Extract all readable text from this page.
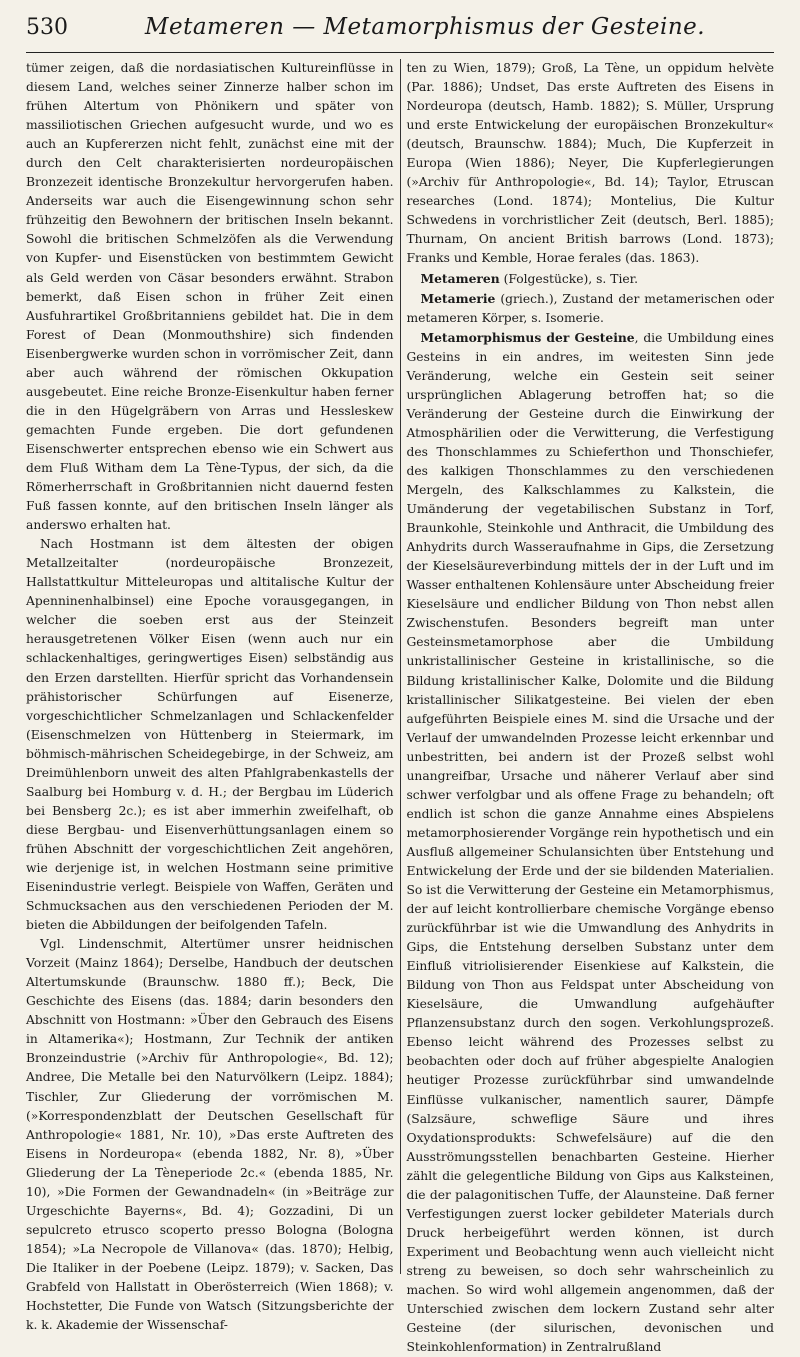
530	Metameren — Metamorphismus der Gesteine.

tümer zeigen, daß die nordasiatischen Kultureinflüsse in diesem Land, welches seiner Zinnerze halber schon im frühen Altertum von Phönikern und später von massiliotischen Griechen aufgesucht wurde, und wo es auch an Kupfererzen nicht fehlt, zunächst eine mit der durch den Celt charakterisierten nordeuropäischen Bronzezeit identische Bronzekultur hervorgerufen haben. Anderseits war auch die Eisengewinnung schon sehr frühzeitig den Bewohnern der britischen Inseln bekannt. Sowohl die britischen Schmelzöfen als die Verwendung von Kupfer- und Eisenstücken von bestimmtem Gewicht als Geld werden von Cäsar besonders erwähnt. Strabon bemerkt, daß Eisen schon in früher Zeit einen Ausfuhrartikel Großbritanniens gebildet hat. Die in dem Forest of Dean (Monmouthshire) sich findenden Eisenbergwerke wurden schon in vorrömischer Zeit, dann aber auch während der römischen Okkupation ausgebeutet. Eine reiche Bronze-Eisenkultur haben ferner die in den Hügelgräbern von Arras und Hessleskew gemachten Funde ergeben. Die dort gefundenen Eisenschwerter entsprechen ebenso wie ein Schwert aus dem Fluß Witham dem La Tène-Typus, der sich, da die Römerherrschaft in Großbritannien nicht dauernd festen Fuß fassen konnte, auf den britischen Inseln länger als anderswo erhalten hat.

Nach Hostmann ist dem ältesten der obigen Metallzeitalter (nordeuropäische Bronzezeit, Hallstattkultur Mitteleuropas und altitalische Kultur der Apenninenhalbinsel) eine Epoche vorausgegangen, in welcher die soeben erst aus der Steinzeit herausgetretenen Völker Eisen (wenn auch nur ein schlackenhaltiges, geringwertiges Eisen) selbständig aus den Erzen darstellten. Hierfür spricht das Vorhandensein prähistorischer Schürfungen auf Eisenerze, vorgeschichtlicher Schmelzanlagen und Schlackenfelder (Eisenschmelzen von Hüttenberg in Steiermark, im böhmisch-mährischen Scheidegebirge, in der Schweiz, am Dreimühlenborn unweit des alten Pfahlgrabenkastells der Saalburg bei Homburg v. d. H.; der Bergbau im Lüderich bei Bensberg 2c.); es ist aber immerhin zweifelhaft, ob diese Bergbau- und Eisenverhüttungsanlagen einem so frühen Abschnitt der vorgeschichtlichen Zeit angehören, wie derjenige ist, in welchen Hostmann seine primitive Eisenindustrie verlegt. Beispiele von Waffen, Geräten und Schmucksachen aus den verschiedenen Perioden der M. bieten die Abbildungen der beifolgenden Tafeln.

Vgl. Lindenschmit, Altertümer unsrer heidnischen Vorzeit (Mainz 1864); Derselbe, Handbuch der deutschen Altertumskunde (Braunschw. 1880 ff.); Beck, Die Geschichte des Eisens (das. 1884; darin besonders den Abschnitt von Hostmann: »Über den Gebrauch des Eisens in Altamerika«); Hostmann, Zur Technik der antiken Bronzeindustrie (»Archiv für Anthropologie«, Bd. 12); Andree, Die Metalle bei den Naturvölkern (Leipz. 1884); Tischler, Zur Gliederung der vorrömischen M. (»Korrespondenzblatt der Deutschen Gesellschaft für Anthropologie« 1881, Nr. 10), »Das erste Auftreten des Eisens in Nordeuropa« (ebenda 1882, Nr. 8), »Über Gliederung der La Tèneperiode 2c.« (ebenda 1885, Nr. 10), »Die Formen der Gewandnadeln« (in »Beiträge zur Urgeschichte Bayerns«, Bd. 4); Gozzadini, Di un sepulcreto etrusco scoperto presso Bologna (Bologna 1854); »La Necropole de Villanova« (das. 1870); Helbig, Die Italiker in der Poebene (Leipz. 1879); v. Sacken, Das Grabfeld von Hallstatt in Oberösterreich (Wien 1868); v. Hochstetter, Die Funde von Watsch (Sitzungsberichte der k. k. Akademie der Wissenschaf-

ten zu Wien, 1879); Groß, La Tène, un oppidum helvète (Par. 1886); Undset, Das erste Auftreten des Eisens in Nordeuropa (deutsch, Hamb. 1882); S. Müller, Ursprung und erste Entwickelung der europäischen Bronzekultur« (deutsch, Braunschw. 1884); Much, Die Kupferzeit in Europa (Wien 1886); Neyer, Die Kupferlegierungen (»Archiv für Anthropologie«, Bd. 14); Taylor, Etruscan researches (Lond. 1874); Montelius, Die Kultur Schwedens in vorchristlicher Zeit (deutsch, Berl. 1885); Thurnam, On ancient British barrows (Lond. 1873); Franks und Kemble, Horae ferales (das. 1863).

Metameren (Folgestücke), s. Tier.

Metamerie (griech.), Zustand der metamerischen oder metameren Körper, s. Isomerie.

Metamorphismus der Gesteine, die Umbildung eines Gesteins in ein andres, im weitesten Sinn jede Veränderung, welche ein Gestein seit seiner ursprünglichen Ablagerung betroffen hat; so die Veränderung der Gesteine durch die Einwirkung der Atmosphärilien oder die Verwitterung, die Verfestigung des Thonschlammes zu Schieferthon und Thonschiefer, des kalkigen Thonschlammes zu den verschiedenen Mergeln, des Kalkschlammes zu Kalkstein, die Umänderung der vegetabilischen Substanz in Torf, Braunkohle, Steinkohle und Anthracit, die Umbildung des Anhydrits durch Wasseraufnahme in Gips, die Zersetzung der Kieselsäureverbindung mittels der in der Luft und im Wasser enthaltenen Kohlensäure unter Abscheidung freier Kieselsäure und endlicher Bildung von Thon nebst allen Zwischenstufen. Besonders begreift man unter Gesteinsmetamorphose aber die Umbildung unkristallinischer Gesteine in kristallinische, so die Bildung kristallinischer Kalke, Dolomite und die Bildung kristallinischer Silikatgesteine. Bei vielen der eben aufgeführten Beispiele eines M. sind die Ursache und der Verlauf der umwandelnden Prozesse leicht erkennbar und unbestritten, bei andern ist der Prozeß selbst wohl unangreifbar, Ursache und näherer Verlauf aber sind schwer verfolgbar und als offene Frage zu behandeln; oft endlich ist schon die ganze Annahme eines Abspielens metamorphosierender Vorgänge rein hypothetisch und ein Ausfluß allgemeiner Schulansichten über Entstehung und Entwickelung der Erde und der sie bildenden Materialien. So ist die Verwitterung der Gesteine ein Metamorphismus, der auf leicht kontrollierbare chemische Vorgänge ebenso zurückführbar ist wie die Umwandlung des Anhydrits in Gips, die Entstehung derselben Substanz unter dem Einfluß vitriolisierender Eisenkiese auf Kalkstein, die Bildung von Thon aus Feldspat unter Abscheidung von Kieselsäure, die Umwandlung aufgehäufter Pflanzensubstanz durch den sogen. Verkohlungsprozeß. Ebenso leicht während des Prozesses selbst zu beobachten oder doch auf früher abgespielte Analogien heutiger Prozesse zurückführbar sind umwandelnde Einflüsse vulkanischer, namentlich saurer, Dämpfe (Salzsäure, schweflige Säure und ihres Oxydationsprodukts: Schwefelsäure) auf die den Ausströmungsstellen benachbarten Gesteine. Hierher zählt die gelegentliche Bildung von Gips aus Kalksteinen, die der palagonitischen Tuffe, der Alaunsteine. Daß ferner Verfestigungen zuerst locker gebildeter Materials durch Druck herbeigeführt werden können, ist durch Experiment und Beobachtung wenn auch vielleicht nicht streng zu beweisen, so doch sehr wahrscheinlich zu machen. So wird wohl allgemein angenommen, daß der Unterschied zwischen dem lockern Zustand sehr alter Gesteine (der silurischen, devonischen und Steinkohlenformation) in Zentralrußland
